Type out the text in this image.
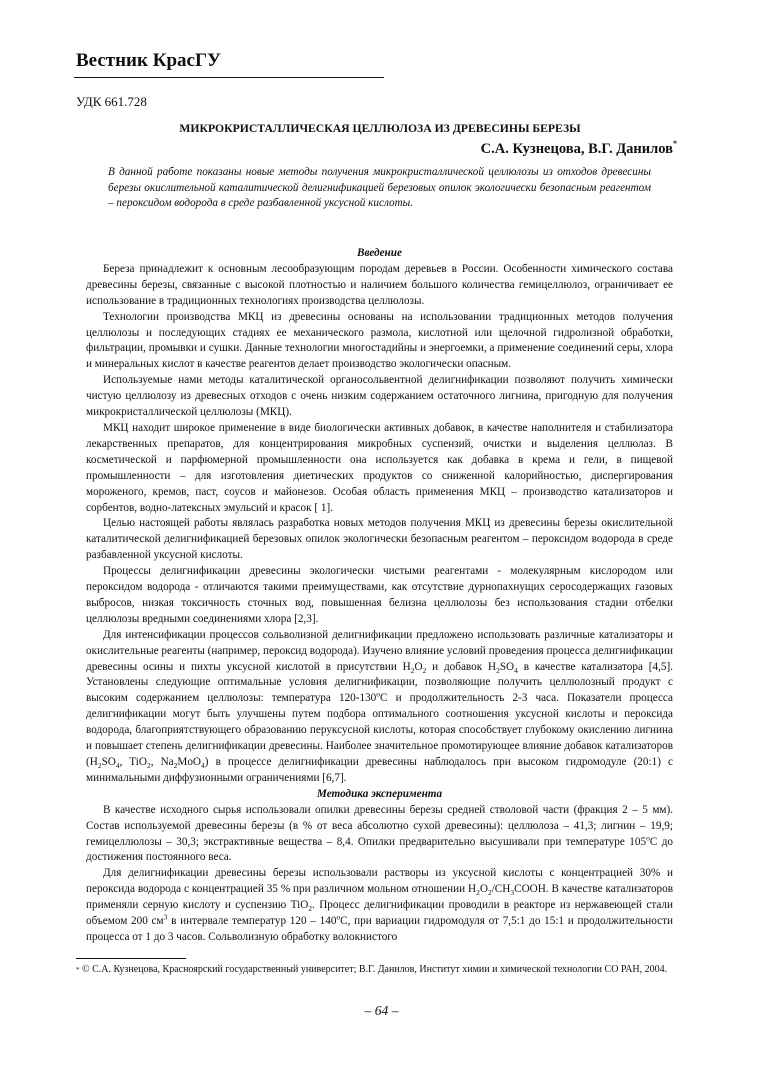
Вестник КрасГУ
УДК 661.728
МИКРОКРИСТАЛЛИЧЕСКАЯ ЦЕЛЛЮЛОЗА ИЗ ДРЕВЕСИНЫ БЕРЕЗЫ
С.А. Кузнецова, В.Г. Данилов*
В данной работе показаны новые методы получения микрокристаллической целлюлозы из отходов древесины березы окислительной каталитической делигнификацией березовых опилок экологически безопасным реагентом – пероксидом водорода в среде разбавленной уксусной кислоты.
Введение

Береза принадлежит к основным лесообразующим породам деревьев в России. Особенности химического состава древесины березы, связанные с высокой плотностью и наличием большого количества гемицеллюлоз, ограничивает ее использование в традиционных технологиях производства целлюлозы.

Технологии производства МКЦ из древесины основаны на использовании традиционных методов получения целлюлозы и последующих стадиях ее механического размола, кислотной или щелочной гидролизной обработки, фильтрации, промывки и сушки. Данные технологии многостадийны и энергоемки, а применение соединений серы, хлора и минеральных кислот в качестве реагентов делает производство экологически опасным.

Используемые нами методы каталитической органосольвентной делигнификации позволяют получить химически чистую целлюлозу из древесных отходов с очень низким содержанием остаточного лигнина, пригодную для получения микрокристаллической целлюлозы (МКЦ).

МКЦ находит широкое применение в виде биологически активных добавок, в качестве наполнителя и стабилизатора лекарственных препаратов, для концентрирования микробных суспензий, очистки и выделения целлюлаз. В косметической и парфюмерной промышленности она используется как добавка в крема и гели, в пищевой промышленности – для изготовления диетических продуктов со сниженной калорийностью, диспергирования мороженого, кремов, паст, соусов и майонезов. Особая область применения МКЦ – производство катализаторов и сорбентов, водно-латексных эмульсий и красок [ 1].

Целью настоящей работы являлась разработка новых методов получения МКЦ из древесины березы окислительной каталитической делигнификацией березовых опилок экологически безопасным реагентом – пероксидом водорода в среде разбавленной уксусной кислоты.

Процессы делигнификации древесины экологически чистыми реагентами - молекулярным кислородом или пероксидом водорода - отличаются такими преимуществами, как отсутствие дурнопахнущих серосодержащих газовых выбросов, низкая токсичность сточных вод, повышенная белизна целлюлозы без использования стадии отбелки целлюлозы вредными соединениями хлора [2,3].

Для интенсификации процессов сольволизной делигнификации предложено использовать различные катализаторы и окислительные реагенты (например, пероксид водорода). Изучено влияние условий проведения процесса делигнификации древесины осины и пихты уксусной кислотой в присутствии $H_2O_2$ и добавок $H_2SO_4$ в качестве катализатора [4,5]. Установлены следующие оптимальные условия делигнификации, позволяющие получить целлюлозный продукт с высоким содержанием целлюлозы: температура 120-130$^o$С и продолжительность 2-3 часа. Показатели процесса делигнификации могут быть улучшены путем подбора оптимального соотношения уксусной кислоты и пероксида водорода, благоприятствующего образованию перуксусной кислоты, которая способствует глубокому окислению лигнина и повышает степень делигнификации древесины. Наиболее значительное промотирующее влияние добавок катализаторов ($H_2SO_4$, TiO$_2$, $Na_2MoO_4$) в процессе делигнификации древесины наблюдалось при высоком гидромодуле (20:1) с минимальными диффузионными ограничениями [6,7].

Методика эксперимента

В качестве исходного сырья использовали опилки древесины березы средней стволовой части (фракция 2 – 5 мм). Состав используемой древесины березы (в % от веса абсолютно сухой древесины): целлюлоза – 41,3; лигнин – 19,9; гемицеллюлозы – 30,3; экстрактивные вещества – 8,4. Опилки предварительно высушивали при температуре 105$^o$С до достижения постоянного веса.

Для делигнификации древесины березы использовали растворы из уксусной кислоты с концентрацией 30% и пероксида водорода с концентрацией 35 % при различном мольном отношении $H_2O_2/CH_3COOH$. В качестве катализаторов применяли серную кислоту и суспензию TiO$_2$. Процесс делигнификации проводили в реакторе из нержавеющей стали объемом 200 $см^3$ в интервале температур 120 – 140$^o$С, при вариации гидромодуля от 7,5:1 до 15:1 и продолжительности процесса от 1 до 3 часов. Сольволизную обработку волокнистого

* © С.А. Кузнецова, Красноярский государственный университет; В.Г. Данилов, Институт химии и химической технологии СО РАН, 2004.
– 64 –
